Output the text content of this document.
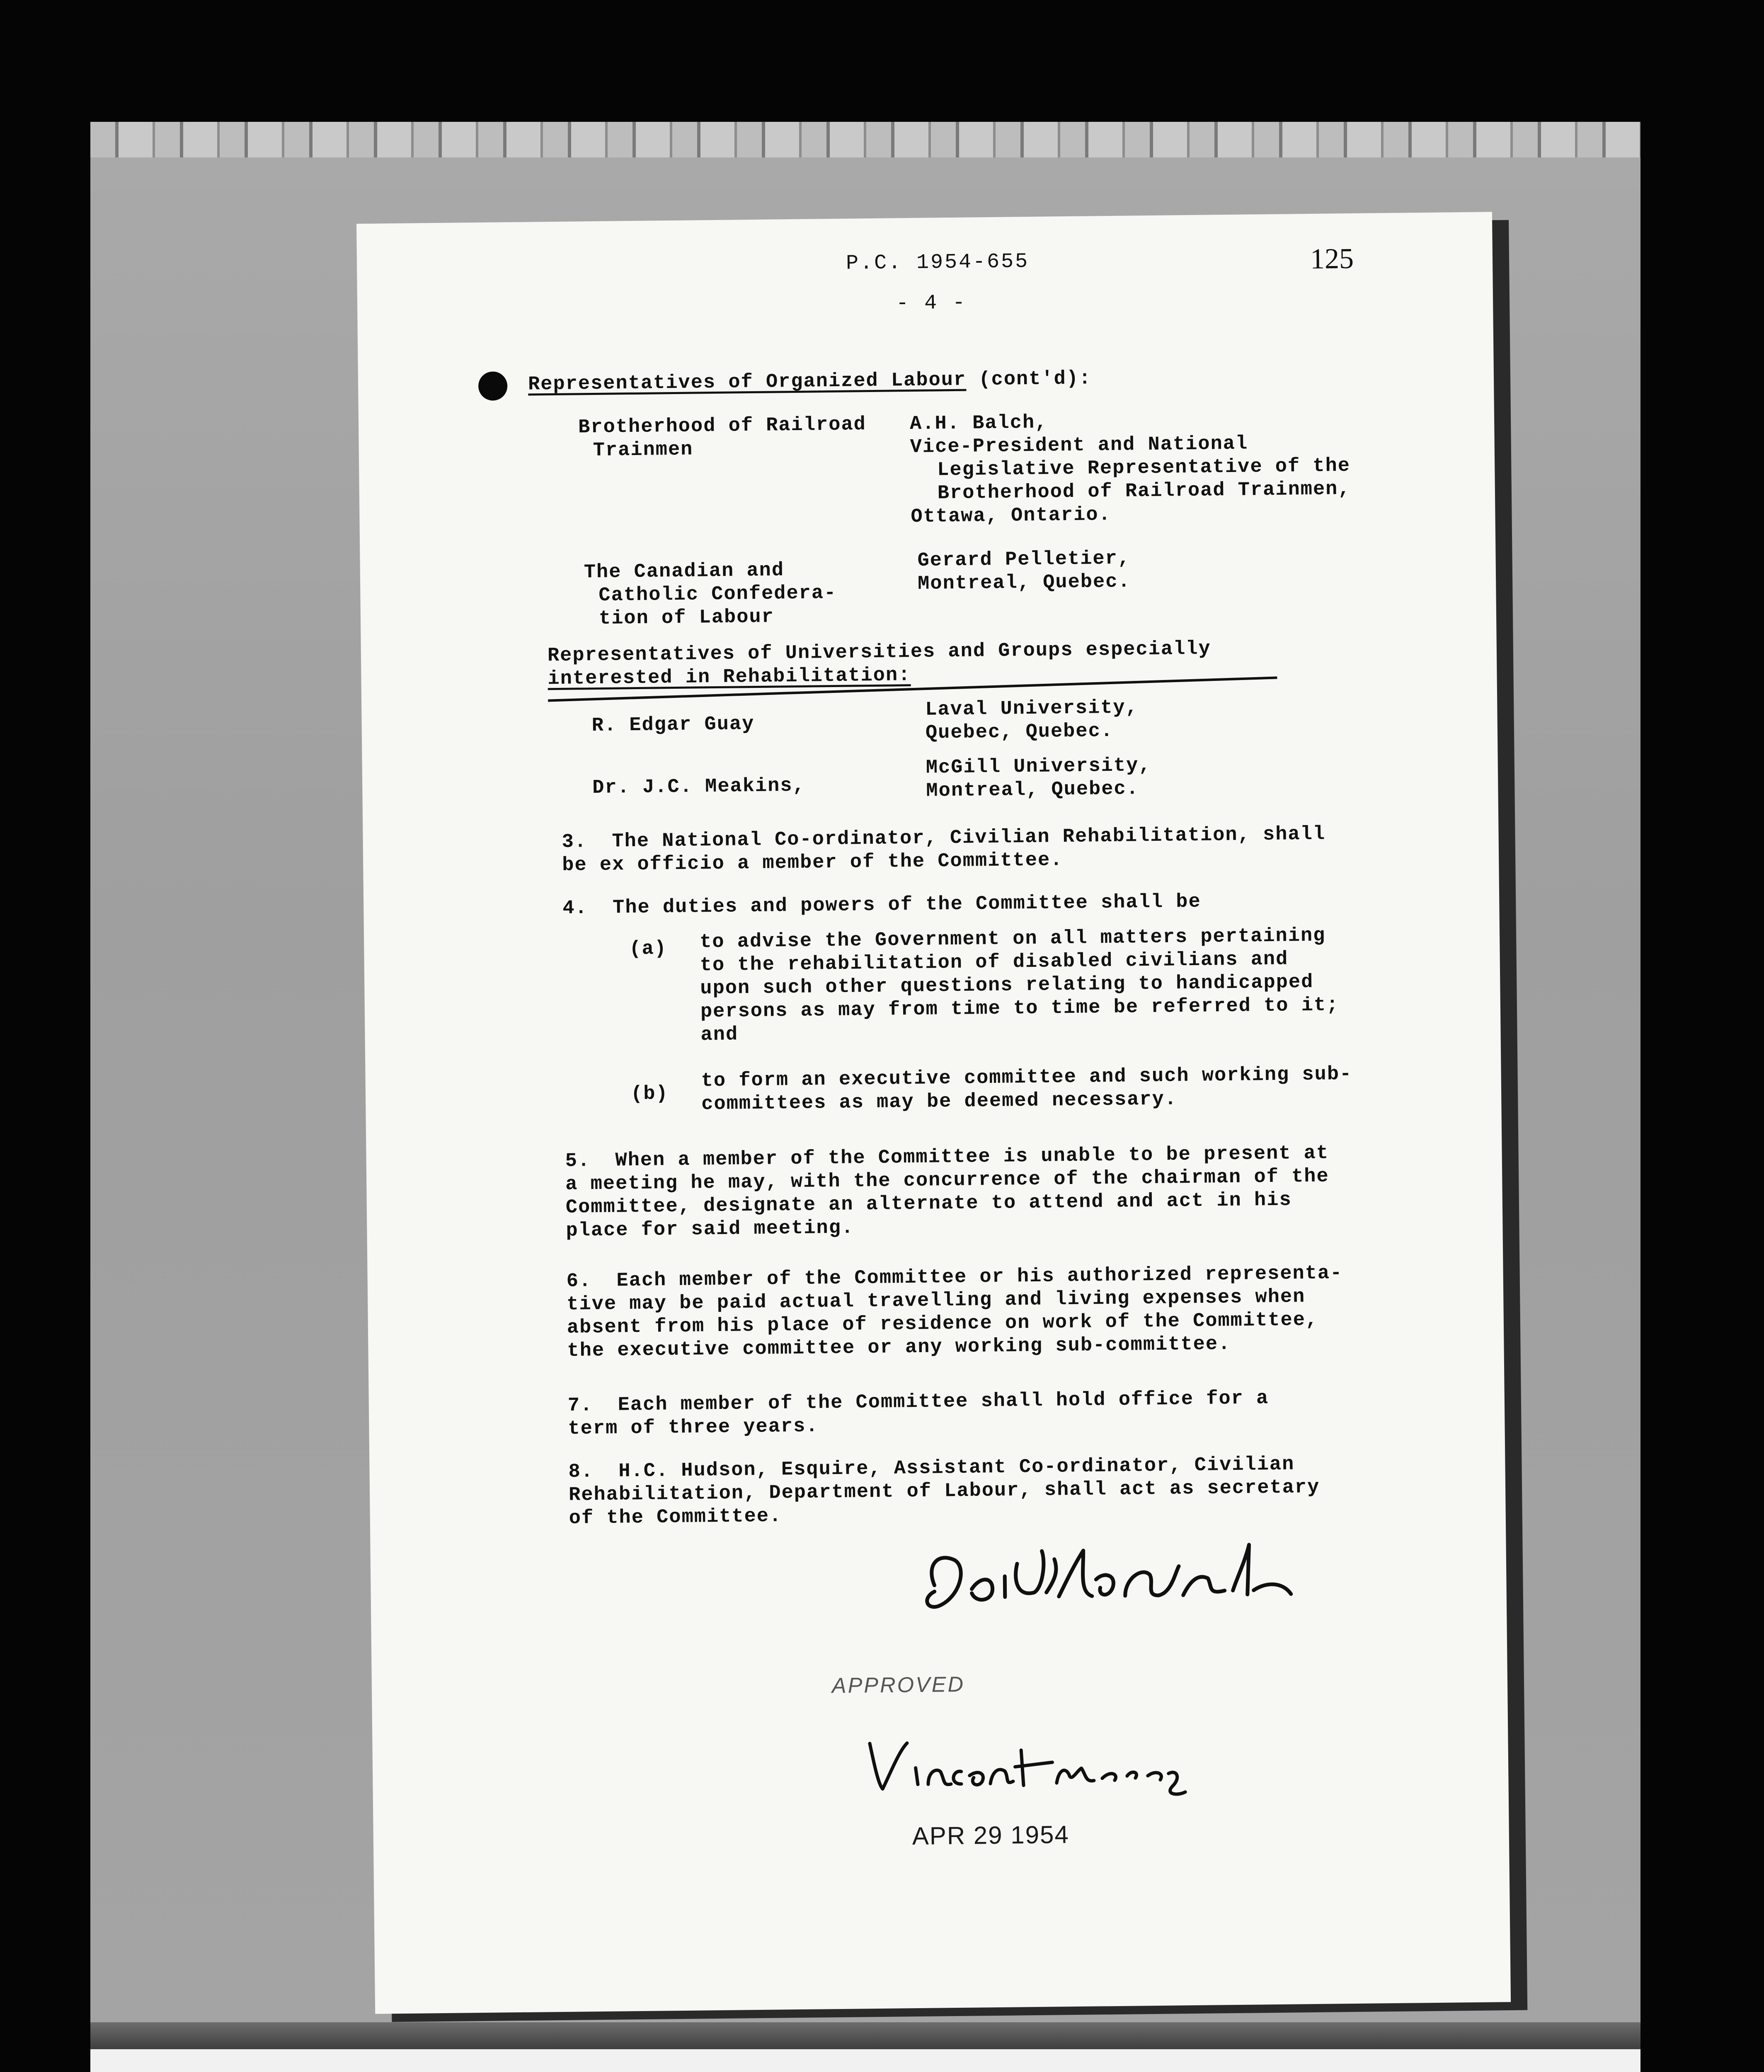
P.C. 1954-655	125
- 4 -
Representatives of Organized Labour (cont'd):
Brotherhood of Railroad
Trainmen
A.H. Balch,
Vice-President and National
Legislative Representative of the
Brotherhood of Railroad Trainmen,
Ottawa, Ontario.
The Canadian and
Catholic Confedera-
tion of Labour
Gerard Pelletier,
Montreal, Quebec.
Representatives of Universities and Groups especially
interested in Rehabilitation:
R. Edgar Guay
Laval University,
Quebec, Quebec.
Dr. J.C. Meakins,
McGill University,
Montreal, Quebec.
3.  The National Co-ordinator, Civilian Rehabilitation, shall
be ex officio a member of the Committee.
4.  The duties and powers of the Committee shall be
(a) to advise the Government on all matters pertaining
to the rehabilitation of disabled civilians and
upon such other questions relating to handicapped
persons as may from time to time be referred to it;
and
(b)
to form an executive committee and such working sub-
committees as may be deemed necessary.
5.  When a member of the Committee is unable to be present at
a meeting he may, with the concurrence of the chairman of the
Committee, designate an alternate to attend and act in his
place for said meeting.
6.  Each member of the Committee or his authorized representa-
tive may be paid actual travelling and living expenses when
absent from his place of residence on work of the Committee,
the executive committee or any working sub-committee.
7.  Each member of the Committee shall hold office for a
term of three years.
8.  H.C. Hudson, Esquire, Assistant Co-ordinator, Civilian
Rehabilitation, Department of Labour, shall act as secretary
of the Committee.
APPROVED
APR 29 1954
